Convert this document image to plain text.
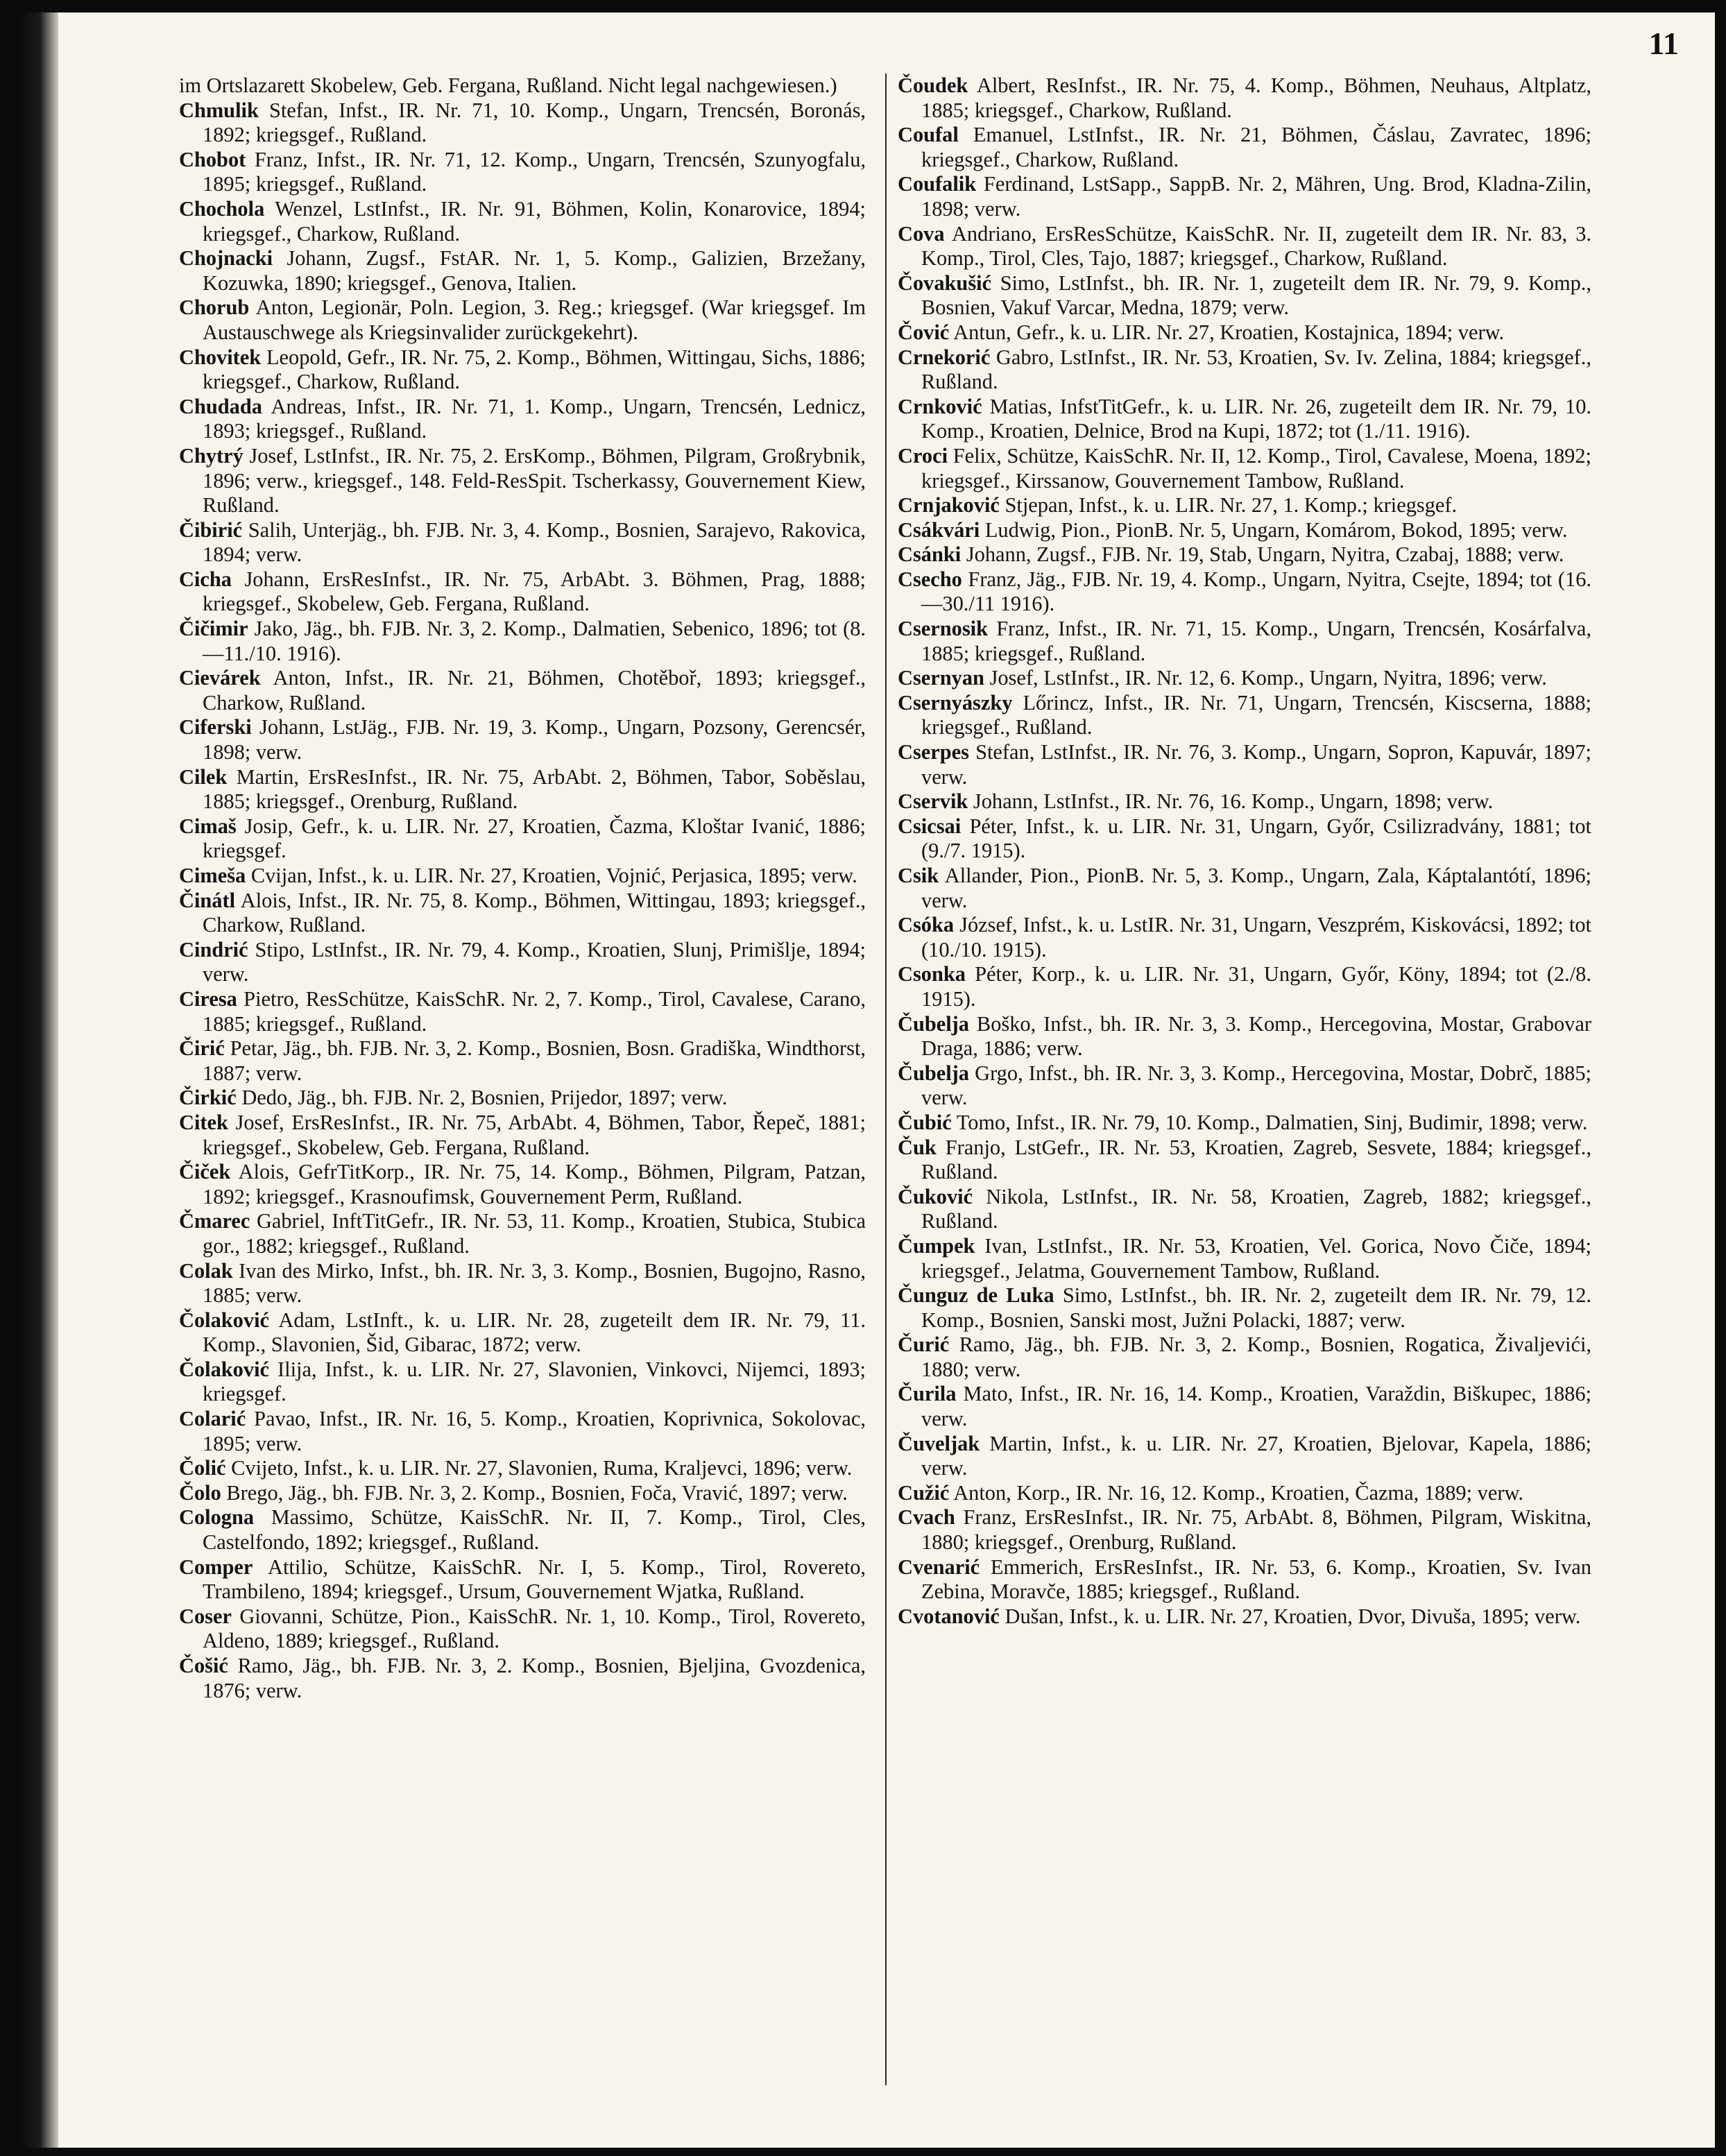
11

im Ortslazarett Skobelew, Geb. Fergana, Rußland. Nicht legal nachgewiesen.)

Chmulik Stefan, Infst., IR. Nr. 71, 10. Komp., Ungarn, Trencsén, Boronás, 1892; kriegsgef., Rußland.

Chobot Franz, Infst., IR. Nr. 71, 12. Komp., Ungarn, Trencsén, Szunyogfalu, 1895; kriegsgef., Rußland.

Chochola Wenzel, LstInfst., IR. Nr. 91, Böhmen, Kolin, Konarovice, 1894; kriegsgef., Charkow, Rußland.

Chojnacki Johann, Zugsf., FstAR. Nr. 1, 5. Komp., Galizien, Brzežany, Kozuwka, 1890; kriegsgef., Genova, Italien.

Chorub Anton, Legionär, Poln. Legion, 3. Reg.; kriegsgef. (War kriegsgef. Im Austauschwege als Kriegsinvalider zurückgekehrt).

Chovitek Leopold, Gefr., IR. Nr. 75, 2. Komp., Böhmen, Wittingau, Sichs, 1886; kriegsgef., Charkow, Rußland.

Chudada Andreas, Infst., IR. Nr. 71, 1. Komp., Ungarn, Trencsén, Lednicz, 1893; kriegsgef., Rußland.

Chytrý Josef, LstInfst., IR. Nr. 75, 2. ErsKomp., Böhmen, Pilgram, Großrybnik, 1896; verw., kriegsgef., 148. Feld-ResSpit. Tscherkassy, Gouvernement Kiew, Rußland.

Čibirić Salih, Unterjäg., bh. FJB. Nr. 3, 4. Komp., Bosnien, Sarajevo, Rakovica, 1894; verw.

Cicha Johann, ErsResInfst., IR. Nr. 75, ArbAbt. 3. Böhmen, Prag, 1888; kriegsgef., Skobelew, Geb. Fergana, Rußland.

Čičimir Jako, Jäg., bh. FJB. Nr. 3, 2. Komp., Dalmatien, Sebenico, 1896; tot (8.—11./10. 1916).

Cievárek Anton, Infst., IR. Nr. 21, Böhmen, Chotěboř, 1893; kriegsgef., Charkow, Rußland.

Ciferski Johann, LstJäg., FJB. Nr. 19, 3. Komp., Ungarn, Pozsony, Gerencsér, 1898; verw.

Cilek Martin, ErsResInfst., IR. Nr. 75, ArbAbt. 2, Böhmen, Tabor, Soběslau, 1885; kriegsgef., Orenburg, Rußland.

Cimaš Josip, Gefr., k. u. LIR. Nr. 27, Kroatien, Čazma, Kloštar Ivanić, 1886; kriegsgef.

Cimeša Cvijan, Infst., k. u. LIR. Nr. 27, Kroatien, Vojnić, Perjasica, 1895; verw.

Činátl Alois, Infst., IR. Nr. 75, 8. Komp., Böhmen, Wittingau, 1893; kriegsgef., Charkow, Rußland.

Cindrić Stipo, LstInfst., IR. Nr. 79, 4. Komp., Kroatien, Slunj, Primišlje, 1894; verw.

Ciresa Pietro, ResSchütze, KaisSchR. Nr. 2, 7. Komp., Tirol, Cavalese, Carano, 1885; kriegsgef., Rußland.

Čirić Petar, Jäg., bh. FJB. Nr. 3, 2. Komp., Bosnien, Bosn. Gradiška, Windthorst, 1887; verw.

Čirkić Dedo, Jäg., bh. FJB. Nr. 2, Bosnien, Prijedor, 1897; verw.

Citek Josef, ErsResInfst., IR. Nr. 75, ArbAbt. 4, Böhmen, Tabor, Řepeč, 1881; kriegsgef., Skobelew, Geb. Fergana, Rußland.

Čiček Alois, GefrTitKorp., IR. Nr. 75, 14. Komp., Böhmen, Pilgram, Patzan, 1892; kriegsgef., Krasnoufimsk, Gouvernement Perm, Rußland.

Čmarec Gabriel, InftTitGefr., IR. Nr. 53, 11. Komp., Kroatien, Stubica, Stubica gor., 1882; kriegsgef., Rußland.

Colak Ivan des Mirko, Infst., bh. IR. Nr. 3, 3. Komp., Bosnien, Bugojno, Rasno, 1885; verw.

Čolaković Adam, LstInft., k. u. LIR. Nr. 28, zugeteilt dem IR. Nr. 79, 11. Komp., Slavonien, Šid, Gibarac, 1872; verw.

Čolaković Ilija, Infst., k. u. LIR. Nr. 27, Slavonien, Vinkovci, Nijemci, 1893; kriegsgef.

Colarić Pavao, Infst., IR. Nr. 16, 5. Komp., Kroatien, Koprivnica, Sokolovac, 1895; verw.

Čolić Cvijeto, Infst., k. u. LIR. Nr. 27, Slavonien, Ruma, Kraljevci, 1896; verw.

Čolo Brego, Jäg., bh. FJB. Nr. 3, 2. Komp., Bosnien, Foča, Vravić, 1897; verw.

Cologna Massimo, Schütze, KaisSchR. Nr. II, 7. Komp., Tirol, Cles, Castelfondo, 1892; kriegsgef., Rußland.

Comper Attilio, Schütze, KaisSchR. Nr. I, 5. Komp., Tirol, Rovereto, Trambileno, 1894; kriegsgef., Ursum, Gouvernement Wjatka, Rußland.

Coser Giovanni, Schütze, Pion., KaisSchR. Nr. 1, 10. Komp., Tirol, Rovereto, Aldeno, 1889; kriegsgef., Rußland.

Čošić Ramo, Jäg., bh. FJB. Nr. 3, 2. Komp., Bosnien, Bjeljina, Gvozdenica, 1876; verw.

Čoudek Albert, ResInfst., IR. Nr. 75, 4. Komp., Böhmen, Neuhaus, Altplatz, 1885; kriegsgef., Charkow, Rußland.

Coufal Emanuel, LstInfst., IR. Nr. 21, Böhmen, Čáslau, Zavratec, 1896; kriegsgef., Charkow, Rußland.

Coufalik Ferdinand, LstSapp., SappB. Nr. 2, Mähren, Ung. Brod, Kladna-Zilin, 1898; verw.

Cova Andriano, ErsResSchütze, KaisSchR. Nr. II, zugeteilt dem IR. Nr. 83, 3. Komp., Tirol, Cles, Tajo, 1887; kriegsgef., Charkow, Rußland.

Čovakušić Simo, LstInfst., bh. IR. Nr. 1, zugeteilt dem IR. Nr. 79, 9. Komp., Bosnien, Vakuf Varcar, Medna, 1879; verw.

Čović Antun, Gefr., k. u. LIR. Nr. 27, Kroatien, Kostajnica, 1894; verw.

Crnekorić Gabro, LstInfst., IR. Nr. 53, Kroatien, Sv. Iv. Zelina, 1884; kriegsgef., Rußland.

Crnković Matias, InfstTitGefr., k. u. LIR. Nr. 26, zugeteilt dem IR. Nr. 79, 10. Komp., Kroatien, Delnice, Brod na Kupi, 1872; tot (1./11. 1916).

Croci Felix, Schütze, KaisSchR. Nr. II, 12. Komp., Tirol, Cavalese, Moena, 1892; kriegsgef., Kirssanow, Gouvernement Tambow, Rußland.

Crnjaković Stjepan, Infst., k. u. LIR. Nr. 27, 1. Komp.; kriegsgef.

Csákvári Ludwig, Pion., PionB. Nr. 5, Ungarn, Komárom, Bokod, 1895; verw.

Csánki Johann, Zugsf., FJB. Nr. 19, Stab, Ungarn, Nyitra, Czabaj, 1888; verw.

Csecho Franz, Jäg., FJB. Nr. 19, 4. Komp., Ungarn, Nyitra, Csejte, 1894; tot (16.—30./11 1916).

Csernosik Franz, Infst., IR. Nr. 71, 15. Komp., Ungarn, Trencsén, Kosárfalva, 1885; kriegsgef., Rußland.

Csernyan Josef, LstInfst., IR. Nr. 12, 6. Komp., Ungarn, Nyitra, 1896; verw.

Csernyászky Lőrincz, Infst., IR. Nr. 71, Ungarn, Trencsén, Kiscserna, 1888; kriegsgef., Rußland.

Cserpes Stefan, LstInfst., IR. Nr. 76, 3. Komp., Ungarn, Sopron, Kapuvár, 1897; verw.

Cservik Johann, LstInfst., IR. Nr. 76, 16. Komp., Ungarn, 1898; verw.

Csicsai Péter, Infst., k. u. LIR. Nr. 31, Ungarn, Győr, Csilizradvány, 1881; tot (9./7. 1915).

Csik Allander, Pion., PionB. Nr. 5, 3. Komp., Ungarn, Zala, Káptalantótí, 1896; verw.

Csóka József, Infst., k. u. LstIR. Nr. 31, Ungarn, Veszprém, Kiskovácsi, 1892; tot (10./10. 1915).

Csonka Péter, Korp., k. u. LIR. Nr. 31, Ungarn, Győr, Köny, 1894; tot (2./8. 1915).

Čubelja Boško, Infst., bh. IR. Nr. 3, 3. Komp., Hercegovina, Mostar, Grabovar Draga, 1886; verw.

Čubelja Grgo, Infst., bh. IR. Nr. 3, 3. Komp., Hercegovina, Mostar, Dobrč, 1885; verw.

Čubić Tomo, Infst., IR. Nr. 79, 10. Komp., Dalmatien, Sinj, Budimir, 1898; verw.

Čuk Franjo, LstGefr., IR. Nr. 53, Kroatien, Zagreb, Sesvete, 1884; kriegsgef., Rußland.

Čuković Nikola, LstInfst., IR. Nr. 58, Kroatien, Zagreb, 1882; kriegsgef., Rußland.

Čumpek Ivan, LstInfst., IR. Nr. 53, Kroatien, Vel. Gorica, Novo Čiče, 1894; kriegsgef., Jelatma, Gouvernement Tambow, Rußland.

Čunguz de Luka Simo, LstInfst., bh. IR. Nr. 2, zugeteilt dem IR. Nr. 79, 12. Komp., Bosnien, Sanski most, Južni Polacki, 1887; verw.

Čurić Ramo, Jäg., bh. FJB. Nr. 3, 2. Komp., Bosnien, Rogatica, Živaljevići, 1880; verw.

Čurila Mato, Infst., IR. Nr. 16, 14. Komp., Kroatien, Varaždin, Biškupec, 1886; verw.

Čuveljak Martin, Infst., k. u. LIR. Nr. 27, Kroatien, Bjelovar, Kapela, 1886; verw.

Cužić Anton, Korp., IR. Nr. 16, 12. Komp., Kroatien, Čazma, 1889; verw.

Cvach Franz, ErsResInfst., IR. Nr. 75, ArbAbt. 8, Böhmen, Pilgram, Wiskitna, 1880; kriegsgef., Orenburg, Rußland.

Cvenarić Emmerich, ErsResInfst., IR. Nr. 53, 6. Komp., Kroatien, Sv. Ivan Zebina, Moravče, 1885; kriegsgef., Rußland.

Cvotanović Dušan, Infst., k. u. LIR. Nr. 27, Kroatien, Dvor, Divuša, 1895; verw.
